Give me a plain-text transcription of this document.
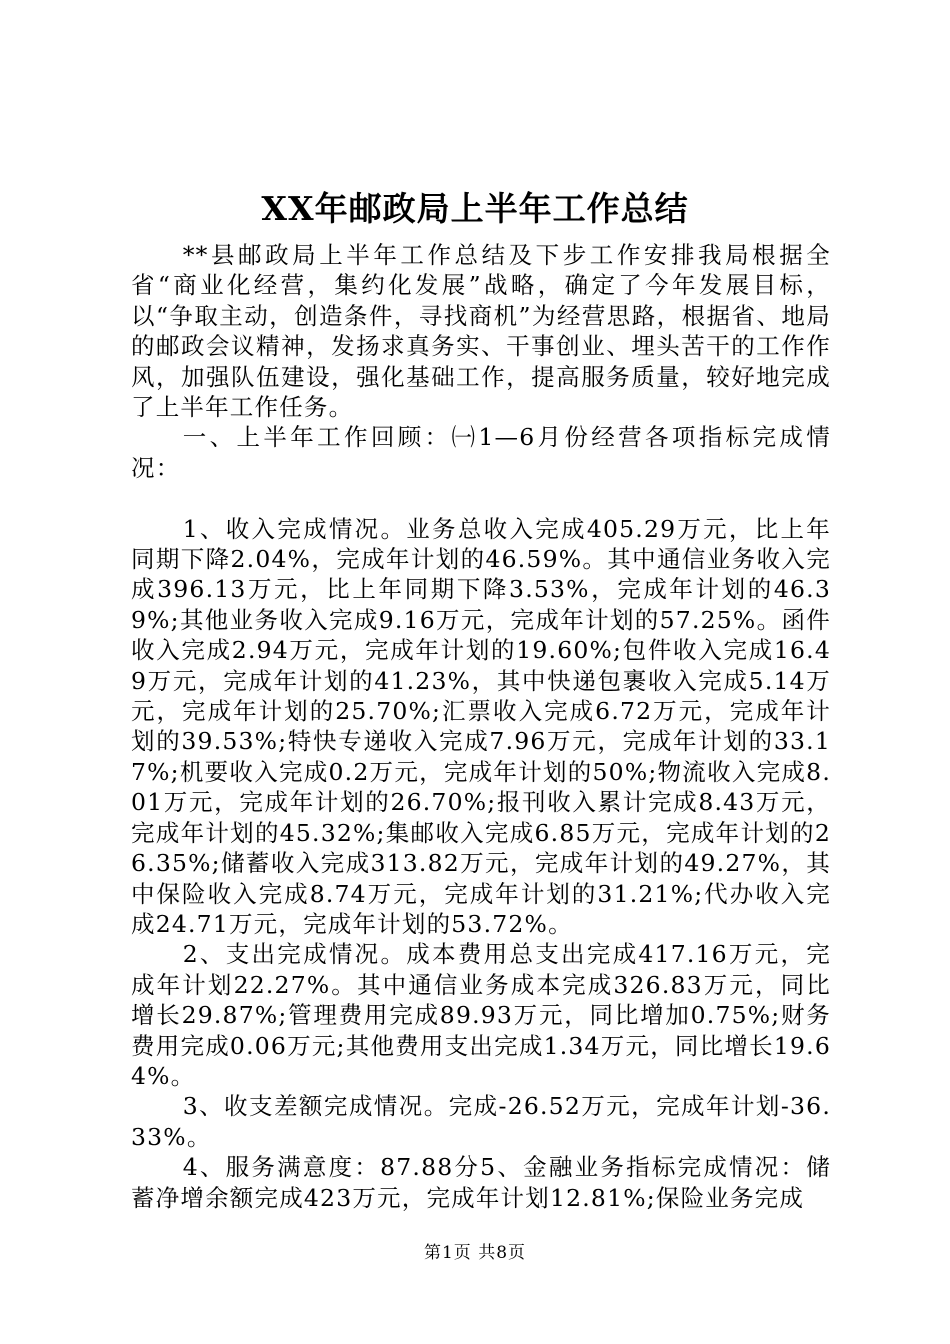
XX年邮政局上半年工作总结

**县邮政局上半年工作总结及下步工作安排我局根据全省“商业化经营，集约化发展”战略，确定了今年发展目标，以“争取主动，创造条件，寻找商机”为经营思路，根据省、地局的邮政会议精神，发扬求真务实、干事创业、埋头苦干的工作作风，加强队伍建设，强化基础工作，提高服务质量，较好地完成了上半年工作任务。

一、上半年工作回顾：㈠1—6月份经营各项指标完成情况：

1、收入完成情况。业务总收入完成405.29万元，比上年同期下降2.04%，完成年计划的46.59%。其中通信业务收入完成396.13万元，比上年同期下降3.53%，完成年计划的46.39%;其他业务收入完成9.16万元，完成年计划的57.25%。函件收入完成2.94万元，完成年计划的19.60%;包件收入完成16.49万元，完成年计划的41.23%，其中快递包裹收入完成5.14万元，完成年计划的25.70%;汇票收入完成6.72万元，完成年计划的39.53%;特快专递收入完成7.96万元，完成年计划的33.17%;机要收入完成0.2万元，完成年计划的50%;物流收入完成8.01万元，完成年计划的26.70%;报刊收入累计完成8.43万元，完成年计划的45.32%;集邮收入完成6.85万元，完成年计划的26.35%;储蓄收入完成313.82万元，完成年计划的49.27%，其中保险收入完成8.74万元，完成年计划的31.21%;代办收入完成24.71万元，完成年计划的53.72%。

2、支出完成情况。成本费用总支出完成417.16万元，完成年计划22.27%。其中通信业务成本完成326.83万元，同比增长29.87%;管理费用完成89.93万元，同比增加0.75%;财务费用完成0.06万元;其他费用支出完成1.34万元，同比增长19.64%。

3、收支差额完成情况。完成-26.52万元，完成年计划-36.33%。

4、服务满意度：87.88分5、金融业务指标完成情况：储蓄净增余额完成423万元，完成年计划12.81%;保险业务完成

第1页 共8页
